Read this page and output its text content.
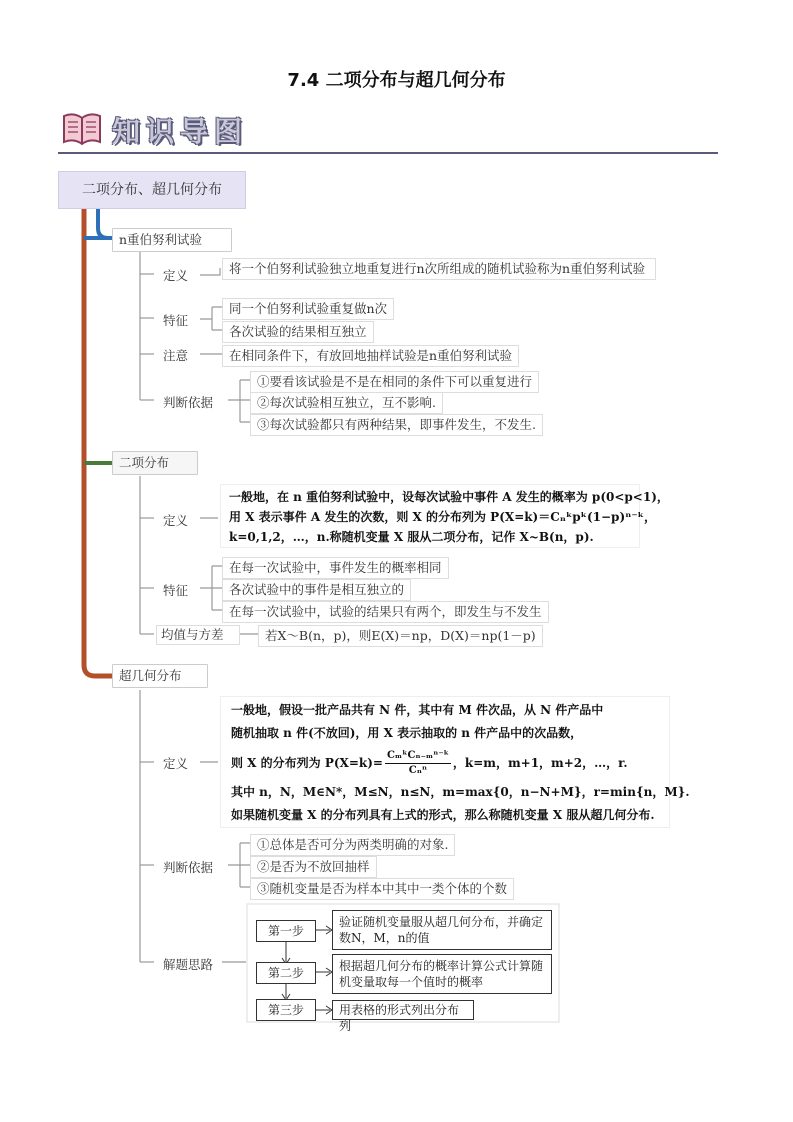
7.4 二项分布与超几何分布
知识导图
二项分布、超几何分布
n重伯努利试验
定义	将一个伯努利试验独立地重复进行n次所组成的随机试验称为n重伯努利试验
特征
同一个伯努利试验重复做n次
各次试验的结果相互独立
注意	在相同条件下，有放回地抽样试验是n重伯努利试验
判断依据
①要看该试验是不是在相同的条件下可以重复进行
②每次试验相互独立，互不影响.
③每次试验都只有两种结果，即事件发生，不发生.
二项分布
定义
一般地，在 n 重伯努利试验中，设每次试验中事件 A 发生的概率为 p(0<p<1)，
用 X 表示事件 A 发生的次数，则 X 的分布列为 P(X=k)＝Cₙᵏpᵏ(1−p)ⁿ⁻ᵏ，
k=0,1,2，…，n.称随机变量 X 服从二项分布，记作 X~B(n，p).
特征
在每一次试验中，事件发生的概率相同
各次试验中的事件是相互独立的
在每一次试验中，试验的结果只有两个，即发生与不发生
均值与方差	若X～B(n，p)，则E(X)＝np，D(X)＝np(1－p)
超几何分布
定义
一般地，假设一批产品共有 N 件，其中有 M 件次品，从 N 件产品中
随机抽取 n 件(不放回)，用 X 表示抽取的 n 件产品中的次品数，
则 X 的分布列为 P(X=k)=
CₘᵏCₙ₋ₘⁿ⁻ᵏ
Cₙⁿ
，k=m，m+1，m+2，…，r.
其中 n，N，M∈N*，M≤N，n≤N，m=max{0，n−N+M}，r=min{n，M}.
如果随机变量 X 的分布列具有上式的形式，那么称随机变量 X 服从超几何分布.
判断依据
①总体是否可分为两类明确的对象.
②是否为不放回抽样
③随机变量是否为样本中其中一类个体的个数
解题思路
第一步
验证随机变量服从超几何分布，并确定数N，M，n的值
第二步	根据超几何分布的概率计算公式计算随机变量取每一个值时的概率
第三步	用表格的形式列出分布列
